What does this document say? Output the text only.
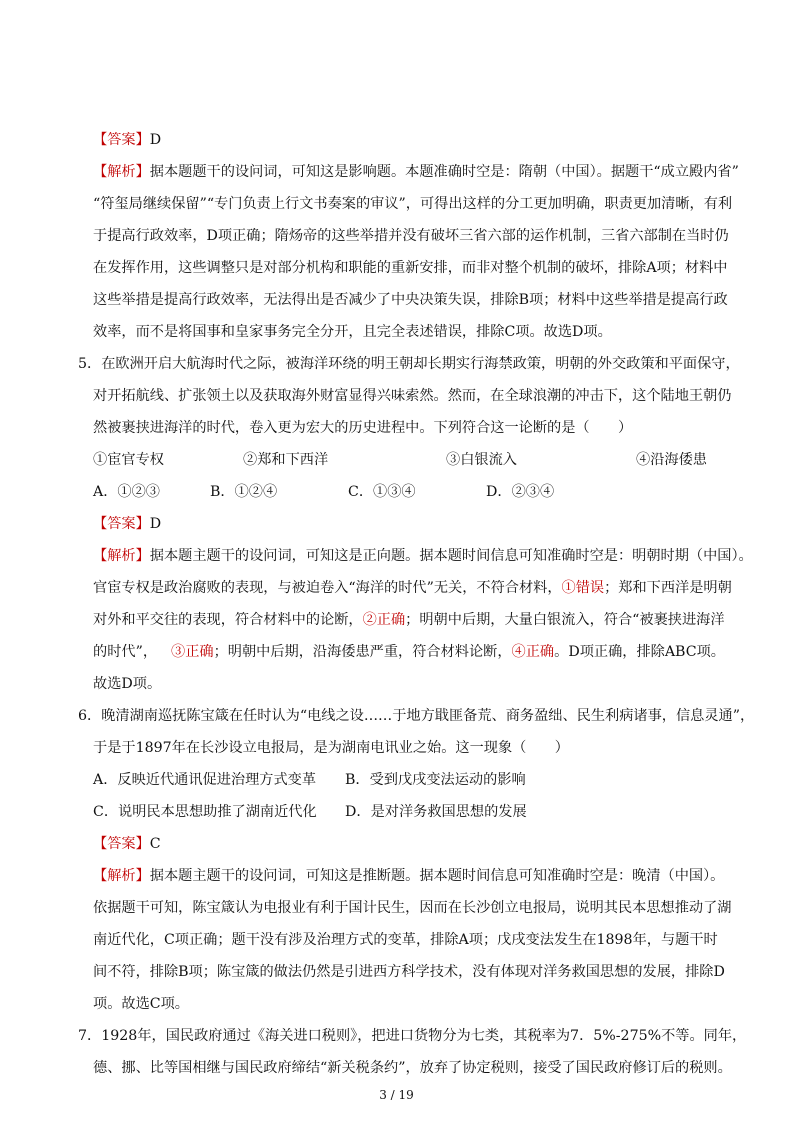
【答案】D
【解析】据本题题干的设问词，可知这是影响题。本题准确时空是：隋朝（中国）。据题干“成立殿内省”
“符玺局继续保留”“专门负责上行文书奏案的审议”，可得出这样的分工更加明确，职责更加清晰，有利
于提高行政效率，D项正确；隋炀帝的这些举措并没有破坏三省六部的运作机制，三省六部制在当时仍
在发挥作用，这些调整只是对部分机构和职能的重新安排，而非对整个机制的破坏，排除A项；材料中
这些举措是提高行政效率，无法得出是否减少了中央决策失误，排除B项；材料中这些举措是提高行政
效率，而不是将国事和皇家事务完全分开，且完全表述错误，排除C项。故选D项。
5．在欧洲开启大航海时代之际，被海洋环绕的明王朝却长期实行海禁政策，明朝的外交政策和平面保守，
对开拓航线、扩张领土以及获取海外财富显得兴味索然。然而，在全球浪潮的冲击下，这个陆地王朝仍
然被裹挟进海洋的时代，卷入更为宏大的历史进程中。下列符合这一论断的是（　　）
①宦官专权	②郑和下西洋	③白银流入	④沿海倭患
A．①②③	B．①②④	C．①③④	D．②③④
【答案】D
【解析】据本题主题干的设问词，可知这是正向题。据本题时间信息可知准确时空是：明朝时期（中国）。
官宦专权是政治腐败的表现，与被迫卷入“海洋的时代”无关，不符合材料，①错误；郑和下西洋是明朝
对外和平交往的表现，符合材料中的论断，②正确；明朝中后期，大量白银流入，符合“被裹挟进海洋
的时代”， ③正确；明朝中后期，沿海倭患严重，符合材料论断，④正确。D项正确，排除ABC项。
故选D项。
6．晚清湖南巡抚陈宝箴在任时认为“电线之设……于地方戢匪备荒、商务盈绌、民生利病诸事，信息灵通”，
于是于1897年在长沙设立电报局，是为湖南电讯业之始。这一现象（　　）
A．反映近代通讯促进治理方式变革 B．受到戊戌变法运动的影响
C．说明民本思想助推了湖南近代化 D．是对洋务救国思想的发展
【答案】C
【解析】据本题主题干的设问词，可知这是推断题。据本题时间信息可知准确时空是：晚清（中国）。
依据题干可知，陈宝箴认为电报业有利于国计民生，因而在长沙创立电报局，说明其民本思想推动了湖
南近代化，C项正确；题干没有涉及治理方式的变革，排除A项；戊戌变法发生在1898年，与题干时
间不符，排除B项；陈宝箴的做法仍然是引进西方科学技术，没有体现对洋务救国思想的发展，排除D
项。故选C项。
7．1928年，国民政府通过《海关进口税则》，把进口货物分为七类，其税率为7．5%-275%不等。同年，
德、挪、比等国相继与国民政府缔结“新关税条约”，放弃了协定税则，接受了国民政府修订后的税则。
3 / 19
